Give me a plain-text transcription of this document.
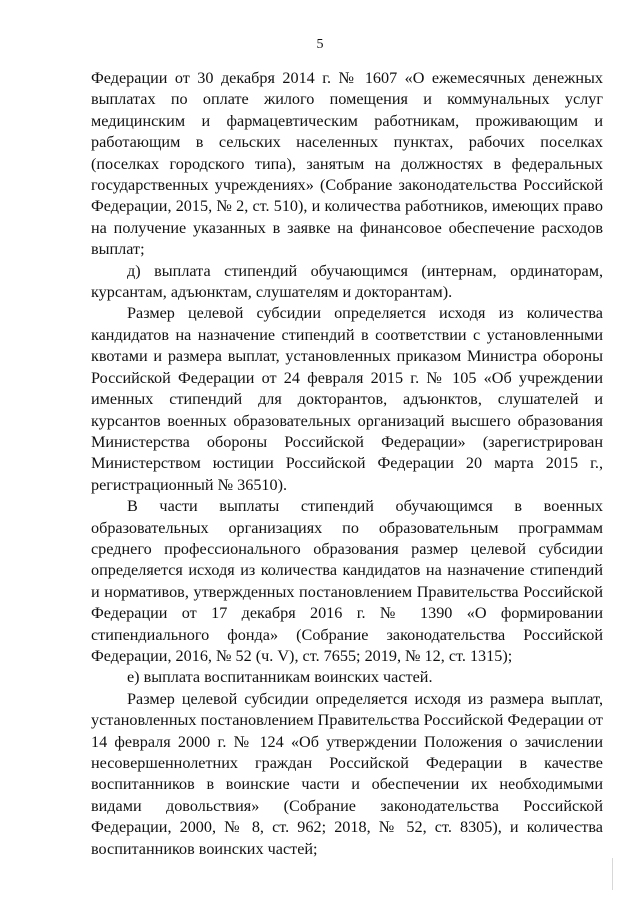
5

Федерации от 30 декабря 2014 г. № 1607 «О ежемесячных денежных выплатах по оплате жилого помещения и коммунальных услуг медицинским и фармацевтическим работникам, проживающим и работающим в сельских населенных пунктах, рабочих поселках (поселках городского типа), занятым на должностях в федеральных государственных учреждениях» (Собрание законодательства Российской Федерации, 2015, № 2, ст. 510), и количества работников, имеющих право на получение указанных в заявке на финансовое обеспечение расходов выплат;

д) выплата стипендий обучающимся (интернам, ординаторам, курсантам, адъюнктам, слушателям и докторантам).

Размер целевой субсидии определяется исходя из количества кандидатов на назначение стипендий в соответствии с установленными квотами и размера выплат, установленных приказом Министра обороны Российской Федерации от 24 февраля 2015 г. № 105 «Об учреждении именных стипендий для докторантов, адъюнктов, слушателей и курсантов военных образовательных организаций высшего образования Министерства обороны Российской Федерации» (зарегистрирован Министерством юстиции Российской Федерации 20 марта 2015 г., регистрационный № 36510).

В части выплаты стипендий обучающимся в военных образовательных организациях по образовательным программам среднего профессионального образования размер целевой субсидии определяется исходя из количества кандидатов на назначение стипендий и нормативов, утвержденных постановлением Правительства Российской Федерации от 17 декабря 2016 г. № 1390 «О формировании стипендиального фонда» (Собрание законодательства Российской Федерации, 2016, № 52 (ч. V), ст. 7655; 2019, № 12, ст. 1315);

е) выплата воспитанникам воинских частей.

Размер целевой субсидии определяется исходя из размера выплат, установленных постановлением Правительства Российской Федерации от 14 февраля 2000 г. № 124 «Об утверждении Положения о зачислении несовершеннолетних граждан Российской Федерации в качестве воспитанников в воинские части и обеспечении их необходимыми видами довольствия» (Собрание законодательства Российской Федерации, 2000, № 8, ст. 962; 2018, № 52, ст. 8305), и количества воспитанников воинских частей;
